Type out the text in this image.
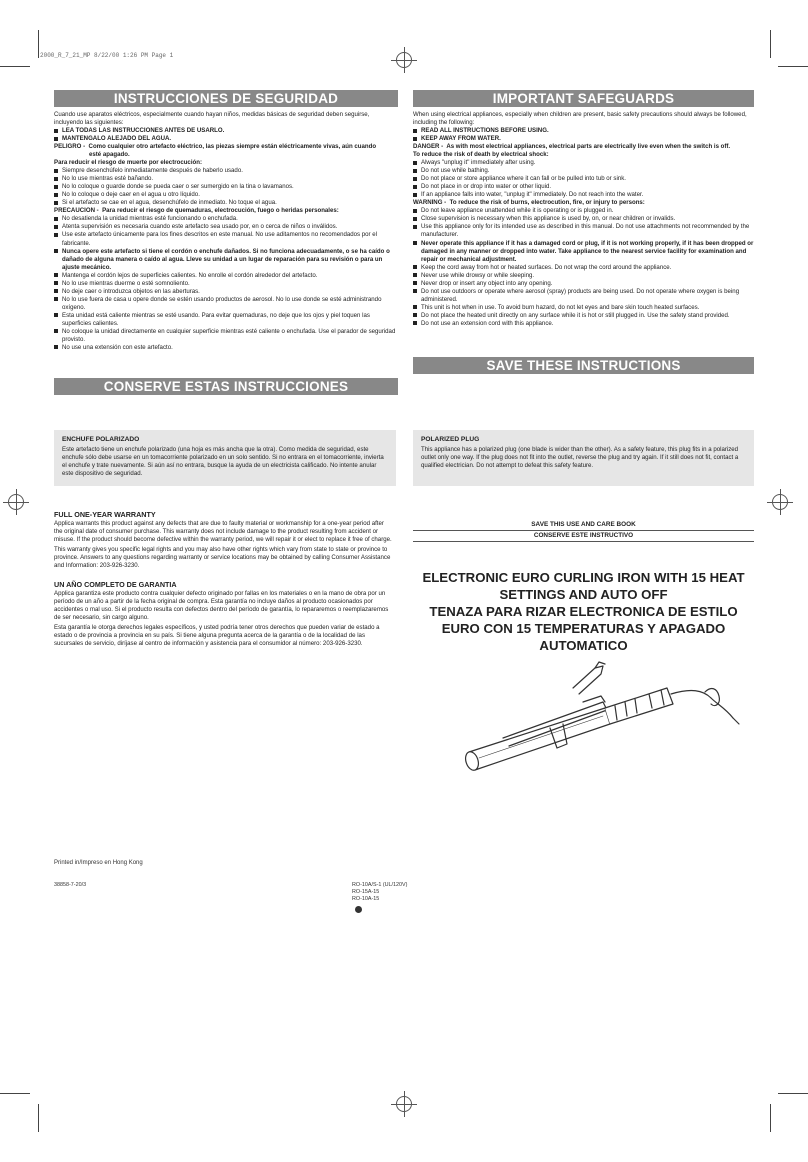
2000_R_7_21_MP 8/22/00 1:26 PM Page 1
INSTRUCCIONES DE SEGURIDAD

Cuando use aparatos eléctricos, especialmente cuando hayan niños, medidas básicas de seguridad deben seguirse, incluyendo las siguientes:

LEA TODAS LAS INSTRUCCIONES ANTES DE USARLO.

MANTENGALO ALEJADO DEL AGUA.

PELIGRO - Como cualquier otro artefacto eléctrico, las piezas siempre están eléctricamente vivas, aún cuando

esté apagado.

Para reducir el riesgo de muerte por electrocución:

Siempre desenchúfelo inmediatamente después de haberlo usado.

No lo use mientras esté bañando.

No lo coloque o guarde donde se pueda caer o ser sumergido en la tina o lavamanos.

No lo coloque o deje caer en el agua u otro líquido.

Si el artefacto se cae en el agua, desenchúfelo de inmediato. No toque el agua.

PRECAUCION - Para reducir el riesgo de quemaduras, electrocución, fuego o heridas personales:

No desatienda la unidad mientras esté funcionando o enchufada.

Atenta supervisión es necesaria cuando este artefacto sea usado por, en o cerca de niños o inválidos.

Use este artefacto únicamente para los fines descritos en este manual. No use aditamentos no recomendados por el fabricante.

Nunca opere este artefacto si tiene el cordón o enchufe dañados. Si no funciona adecuadamente, o se ha caído o dañado de alguna manera o caído al agua. Lleve su unidad a un lugar de reparación para su revisión o para un ajuste mecánico.

Mantenga el cordón lejos de superficies calientes. No enrolle el cordón alrededor del artefacto.

No lo use mientras duerme o esté somnoliento.

No deje caer o introduzca objetos en las aberturas.

No lo use fuera de casa u opere donde se estén usando productos de aerosol. No lo use donde se esté administrando oxígeno.

Esta unidad está caliente mientras se esté usando. Para evitar quemaduras, no deje que los ojos y piel toquen las superficies calientes.

No coloque la unidad directamente en cualquier superficie mientras esté caliente o enchufada. Use el parador de seguridad provisto.

No use una extensión con este artefacto.

CONSERVE ESTAS INSTRUCCIONES
IMPORTANT SAFEGUARDS

When using electrical appliances, especially when children are present, basic safety precautions should always be followed, including the following:

READ ALL INSTRUCTIONS BEFORE USING.

KEEP AWAY FROM WATER.

DANGER - As with most electrical appliances, electrical parts are electrically live even when the switch is off.

To reduce the risk of death by electrical shock:

Always "unplug it" immediately after using.

Do not use while bathing.

Do not place or store appliance where it can fall or be pulled into tub or sink.

Do not place in or drop into water or other liquid.

If an appliance falls into water, "unplug it" immediately. Do not reach into the water.

WARNING - To reduce the risk of burns, electrocution, fire, or injury to persons:

Do not leave appliance unattended while it is operating or is plugged in.

Close supervision is necessary when this appliance is used by, on, or near children or invalids.

Use this appliance only for its intended use as described in this manual. Do not use attachments not recommended by the manufacturer.

Never operate this appliance if it has a damaged cord or plug, if it is not working properly, if it has been dropped or damaged in any manner or dropped into water. Take appliance to the nearest service facility for examination and repair or mechanical adjustment.

Keep the cord away from hot or heated surfaces. Do not wrap the cord around the appliance.

Never use while drowsy or while sleeping.

Never drop or insert any object into any opening.

Do not use outdoors or operate where aerosol (spray) products are being used. Do not operate where oxygen is being administered.

This unit is hot when in use. To avoid burn hazard, do not let eyes and bare skin touch heated surfaces.

Do not place the heated unit directly on any surface while it is hot or still plugged in. Use the safety stand provided.

Do not use an extension cord with this appliance.

SAVE THESE INSTRUCTIONS
ENCHUFE POLARIZADO
Este artefacto tiene un enchufe polarizado (una hoja es más ancha que la otra). Como medida de seguridad, este enchufe sólo debe usarse en un tomacorriente polarizado en un solo sentido. Si no entrara en el tomacorriente, invierta el enchufe y trate nuevamente. Si aún así no entrara, busque la ayuda de un electricista calificado. No intente anular este dispositivo de seguridad.
POLARIZED PLUG
This appliance has a polarized plug (one blade is wider than the other). As a safety feature, this plug fits in a polarized outlet only one way. If the plug does not fit into the outlet, reverse the plug and try again. If it still does not fit, contact a qualified electrician. Do not attempt to defeat this safety feature.
FULL ONE-YEAR WARRANTY
Applica warrants this product against any defects that are due to faulty material or workmanship for a one-year period after the original date of consumer purchase. This warranty does not include damage to the product resulting from accident or misuse. If the product should become defective within the warranty period, we will repair it or elect to replace it free of charge.
This warranty gives you specific legal rights and you may also have other rights which vary from state to state or province to province. Answers to any questions regarding warranty or service locations may be obtained by calling Consumer Assistance and Information: 203-926-3230.
UN AÑO COMPLETO DE GARANTIA
Applica garantiza este producto contra cualquier defecto originado por fallas en los materiales o en la mano de obra por un período de un año a partir de la fecha original de compra. Esta garantía no incluye daños al producto ocasionados por accidentes o mal uso. Si el producto resulta con defectos dentro del período de garantía, lo repararemos o reemplazaremos de ser necesario, sin cargo alguno.
Esta garantía le otorga derechos legales específicos, y usted podría tener otros derechos que pueden variar de estado a estado o de provincia a provincia en su país. Si tiene alguna pregunta acerca de la garantía o de la localidad de las sucursales de servicio, diríjase al centro de información y asistencia para el consumidor al número: 203-926-3230.
SAVE THIS USE AND CARE BOOK
CONSERVE ESTE INSTRUCTIVO
ELECTRONIC EURO CURLING IRON WITH 15 HEAT SETTINGS AND AUTO OFF
TENAZA PARA RIZAR ELECTRONICA DE ESTILO EURO CON 15 TEMPERATURAS Y APAGADO AUTOMATICO
Printed in/Impreso en Hong Kong
38858-7-20/3	RO-10A/S-1 (UL/120V)
RO-15A-15
RO-10A-15
